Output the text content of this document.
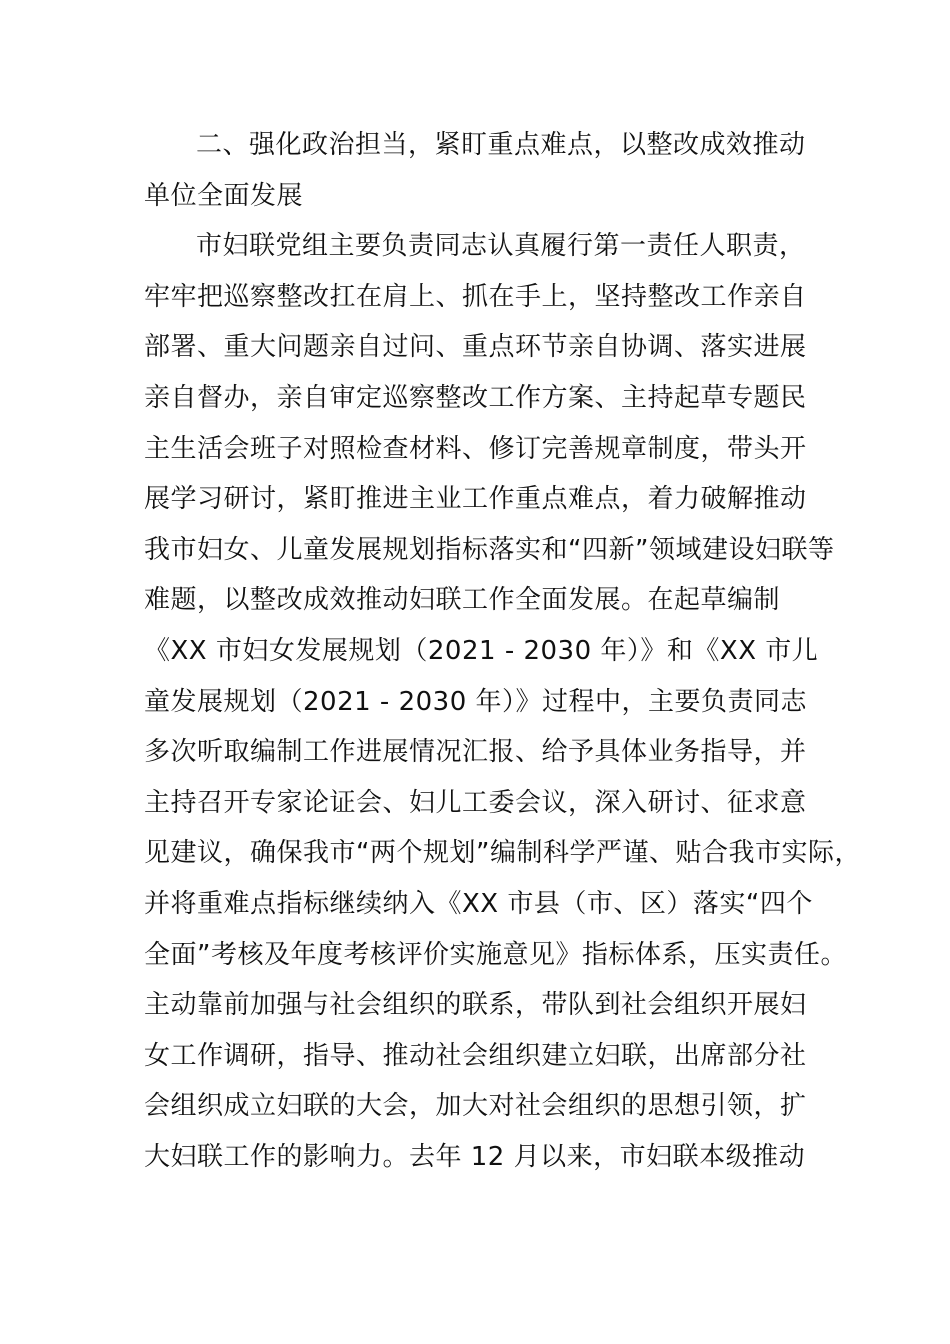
二、强化政治担当，紧盯重点难点，以整改成效推动
单位全面发展
市妇联党组主要负责同志认真履行第一责任人职责，
牢牢把巡察整改扛在肩上、抓在手上，坚持整改工作亲自
部署、重大问题亲自过问、重点环节亲自协调、落实进展
亲自督办，亲自审定巡察整改工作方案、主持起草专题民
主生活会班子对照检查材料、修订完善规章制度，带头开
展学习研讨，紧盯推进主业工作重点难点，着力破解推动
我市妇女、儿童发展规划指标落实和“四新”领域建设妇联等
难题，以整改成效推动妇联工作全面发展。在起草编制
《XX 市妇女发展规划（2021 - 2030 年）》和《XX 市儿
童发展规划（2021 - 2030 年）》过程中，主要负责同志
多次听取编制工作进展情况汇报、给予具体业务指导，并
主持召开专家论证会、妇儿工委会议，深入研讨、征求意
见建议，确保我市“两个规划”编制科学严谨、贴合我市实际，
并将重难点指标继续纳入《XX 市县（市、区）落实“四个
全面”考核及年度考核评价实施意见》指标体系，压实责任。
主动靠前加强与社会组织的联系，带队到社会组织开展妇
女工作调研，指导、推动社会组织建立妇联，出席部分社
会组织成立妇联的大会，加大对社会组织的思想引领，扩
大妇联工作的影响力。去年 12 月以来，市妇联本级推动
